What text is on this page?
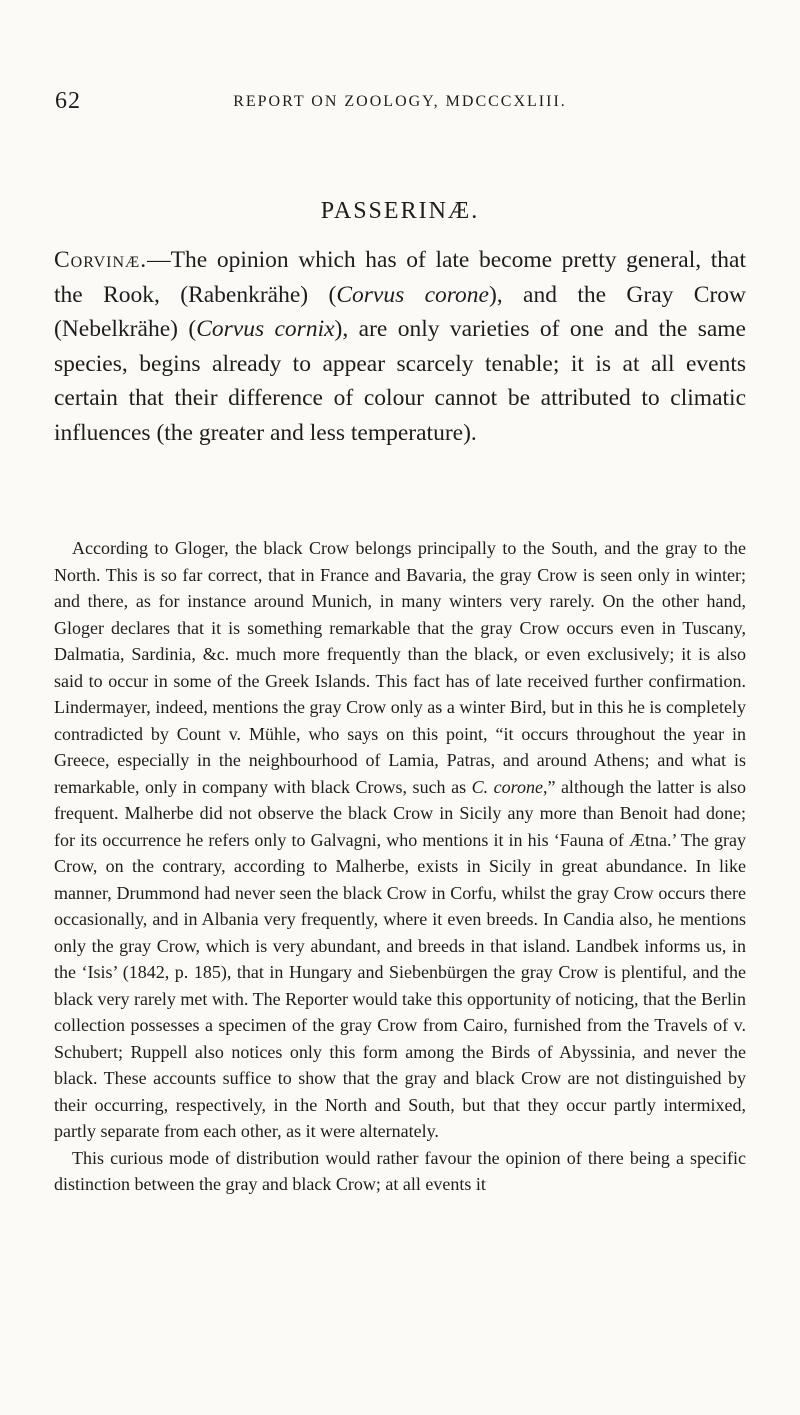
62	REPORT ON ZOOLOGY, MDCCCXLIII.
PASSERINÆ.
Corvinæ.—The opinion which has of late become pretty general, that the Rook, (Rabenkrähe) (Corvus corone), and the Gray Crow (Nebelkrähe) (Corvus cornix), are only varieties of one and the same species, begins already to appear scarcely tenable; it is at all events certain that their difference of colour cannot be attributed to climatic influences (the greater and less temperature).

According to Gloger, the black Crow belongs principally to the South, and the gray to the North. This is so far correct, that in France and Bavaria, the gray Crow is seen only in winter; and there, as for instance around Munich, in many winters very rarely. On the other hand, Gloger declares that it is something remarkable that the gray Crow occurs even in Tuscany, Dalmatia, Sardinia, &c. much more frequently than the black, or even exclusively; it is also said to occur in some of the Greek Islands. This fact has of late received further confirmation. Lindermayer, indeed, mentions the gray Crow only as a winter Bird, but in this he is completely contradicted by Count v. Mühle, who says on this point, “it occurs throughout the year in Greece, especially in the neighbourhood of Lamia, Patras, and around Athens; and what is remarkable, only in company with black Crows, such as C. corone,” although the latter is also frequent. Malherbe did not observe the black Crow in Sicily any more than Benoit had done; for its occurrence he refers only to Galvagni, who mentions it in his ‘Fauna of Ætna.’ The gray Crow, on the contrary, according to Malherbe, exists in Sicily in great abundance. In like manner, Drummond had never seen the black Crow in Corfu, whilst the gray Crow occurs there occasionally, and in Albania very frequently, where it even breeds. In Candia also, he mentions only the gray Crow, which is very abundant, and breeds in that island. Landbek informs us, in the ‘Isis’ (1842, p. 185), that in Hungary and Siebenbürgen the gray Crow is plentiful, and the black very rarely met with. The Reporter would take this opportunity of noticing, that the Berlin collection possesses a specimen of the gray Crow from Cairo, furnished from the Travels of v. Schubert; Ruppell also notices only this form among the Birds of Abyssinia, and never the black. These accounts suffice to show that the gray and black Crow are not distinguished by their occurring, respectively, in the North and South, but that they occur partly intermixed, partly separate from each other, as it were alternately.

This curious mode of distribution would rather favour the opinion of there being a specific distinction between the gray and black Crow; at all events it
